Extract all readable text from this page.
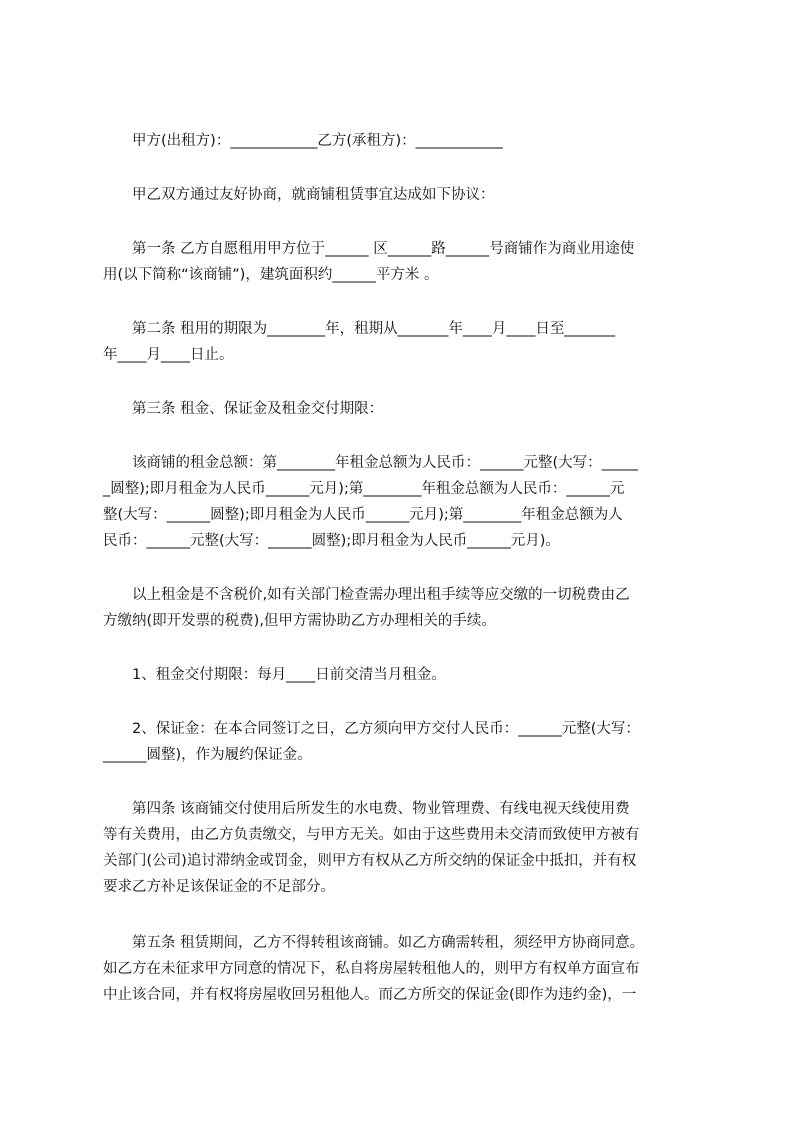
　　甲方(出租方)：____________乙方(承租方)：____________

　　甲乙双方通过友好协商，就商铺租赁事宜达成如下协议：

　　第一条 乙方自愿租用甲方位于______ 区______路______号商铺作为商业用途使
用(以下简称“该商铺”)，建筑面积约______平方米 。

　　第二条 租用的期限为________年，租期从_______年____月____日至_______
年____月____日止。

　　第三条 租金、保证金及租金交付期限：

　　该商铺的租金总额：第________年租金总额为人民币：______元整(大写：_____
_圆整);即月租金为人民币______元月);第________年租金总额为人民币：______元
整(大写：______圆整);即月租金为人民币______元月);第________年租金总额为人
民币：______元整(大写：______圆整);即月租金为人民币______元月)。

　　以上租金是不含税价,如有关部门检查需办理出租手续等应交缴的一切税费由乙
方缴纳(即开发票的税费),但甲方需协助乙方办理相关的手续。

　　1、租金交付期限：每月____日前交清当月租金。

　　2、保证金：在本合同签订之日，乙方须向甲方交付人民币：______元整(大写：
______圆整)，作为履约保证金。

　　第四条 该商铺交付使用后所发生的水电费、物业管理费、有线电视天线使用费
等有关费用，由乙方负责缴交，与甲方无关。如由于这些费用未交清而致使甲方被有
关部门(公司)追讨滞纳金或罚金，则甲方有权从乙方所交纳的保证金中抵扣，并有权
要求乙方补足该保证金的不足部分。

　　第五条 租赁期间，乙方不得转租该商铺。如乙方确需转租，须经甲方协商同意。
如乙方在未征求甲方同意的情况下，私自将房屋转租他人的，则甲方有权单方面宣布
中止该合同，并有权将房屋收回另租他人。而乙方所交的保证金(即作为违约金)，一
